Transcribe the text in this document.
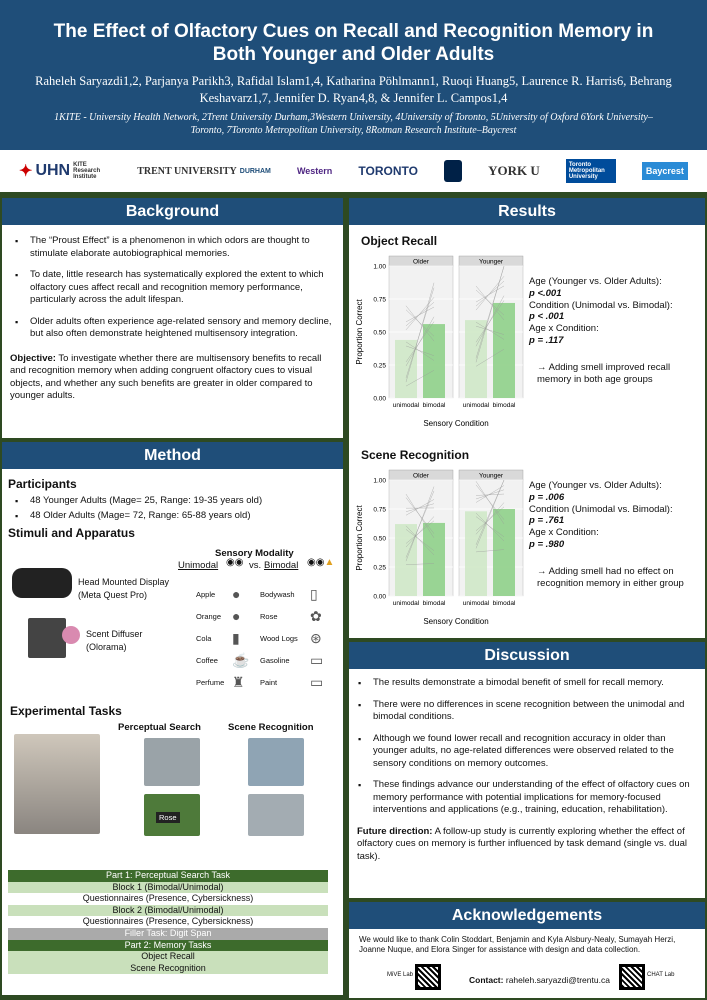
The Effect of Olfactory Cues on Recall and Recognition Memory in Both Younger and Older Adults
Raheleh Saryazdi1,2, Parjanya Parikh3, Rafidal Islam1,4, Katharina Pöhlmann1, Ruoqi Huang5, Laurence R. Harris6, Behrang Keshavarz1,7, Jennifer D. Ryan4,8, & Jennifer L. Campos1,4
1KITE - University Health Network, 2Trent University Durham,3Western University, 4University of Toronto, 5University of Oxford 6York University–Toronto, 7Toronto Metropolitan University, 8Rotman Research Institute–Baycrest
✦ UHN KITE Research Institute
TRENT UNIVERSITY DURHAM	Western TORONTO	YORK U	Toronto Metropolitan University
Baycrest
Background
▪ The “Proust Effect” is a phenomenon in which odors are thought to stimulate elaborate autobiographical memories.
▪ To date, little research has systematically explored the extent to which olfactory cues affect recall and recognition memory performance, particularly across the adult lifespan.
▪ Older adults often experience age-related sensory and memory decline, but also often demonstrate heightened multisensory integration.

Objective: To investigate whether there are multisensory benefits to recall and recognition memory when adding congruent olfactory cues to visual objects, and whether any such benefits are greater in older compared to younger adults.

Method
Participants
▪ 48 Younger Adults (Mage= 25, Range: 19-35 years old)
▪ 48 Older Adults (Mage= 72, Range: 65-88 years old)
Stimuli and Apparatus
Head Mounted Display (Meta Quest Pro)
Scent Diffuser (Olorama)
Sensory Modality
Unimodal ◉◉ vs. Bimodal ◉◉▲
Apple ●	Bodywash ▯
Orange ●	Rose ✿
Cola ▮	Wood Logs ⊛
Coffee ☕ Gasoline ▭
Perfume ♜ Paint ▭
Experimental Tasks
Perceptual Search	Scene Recognition
Rose
Part 1: Perceptual Search Task
Block 1 (Bimodal/Unimodal)
Questionnaires (Presence, Cybersickness)
Block 2 (Bimodal/Unimodal)
Questionnaires (Presence, Cybersickness)
Filler Task: Digit Span
Part 2: Memory Tasks
Object Recall
Scene Recognition
Results
Object Recall
Proportion Correct
0.00
0.25
0.50
0.75
1.00
Older
unimodal bimodal
Younger
unimodal bimodal
Sensory Condition
Age (Younger vs. Older Adults):
p <.001
Condition (Unimodal vs. Bimodal):
p < .001
Age x Condition:
p = .117
→ Adding smell improved recall memory in both age groups
Scene Recognition
Proportion Correct
0.00
0.25
0.50
0.75
1.00
Older
unimodal bimodal
Younger
unimodal bimodal
Sensory Condition
Age (Younger vs. Older Adults):
p = .006
Condition (Unimodal vs. Bimodal):
p = .761
Age x Condition:
p = .980
→ Adding smell had no effect on recognition memory in either group
Discussion
▪ The results demonstrate a bimodal benefit of smell for recall memory.
▪ There were no differences in scene recognition between the unimodal and bimodal conditions.
▪ Although we found lower recall and recognition accuracy in older than younger adults, no age-related differences were observed related to the sensory conditions on memory outcomes.
▪ These findings advance our understanding of the effect of olfactory cues on memory performance with potential implications for memory-focused interventions and applications (e.g., training, education, rehabilitation).

Future direction: A follow-up study is currently exploring whether the effect of olfactory cues on memory is further influenced by task demand (single vs. dual task).

Acknowledgements
We would like to thank Colin Stoddart, Benjamin and Kyla Alsbury-Nealy, Sumayah Herzi, Joanne Nuque, and Elora Singer for assistance with design and data collection.
MiVE Lab	Contact: raheleh.saryazdi@trentu.ca	CHAT Lab
